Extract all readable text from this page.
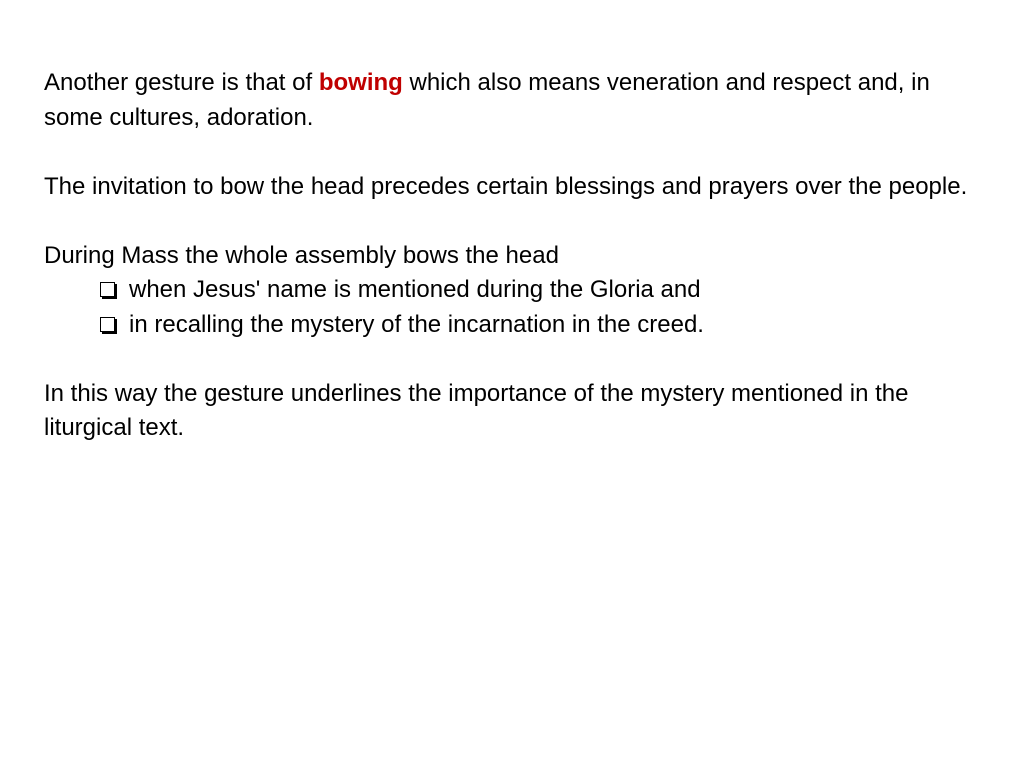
Another gesture is that of bowing which also means veneration and respect and, in some cultures, adoration.

The invitation to bow the head precedes certain blessings and prayers over the people.

During Mass the whole assembly bows the head

when Jesus' name is mentioned during the Gloria and
in recalling the mystery of the incarnation in the creed.

In this way the gesture underlines the importance of the mystery mentioned in the liturgical text.
